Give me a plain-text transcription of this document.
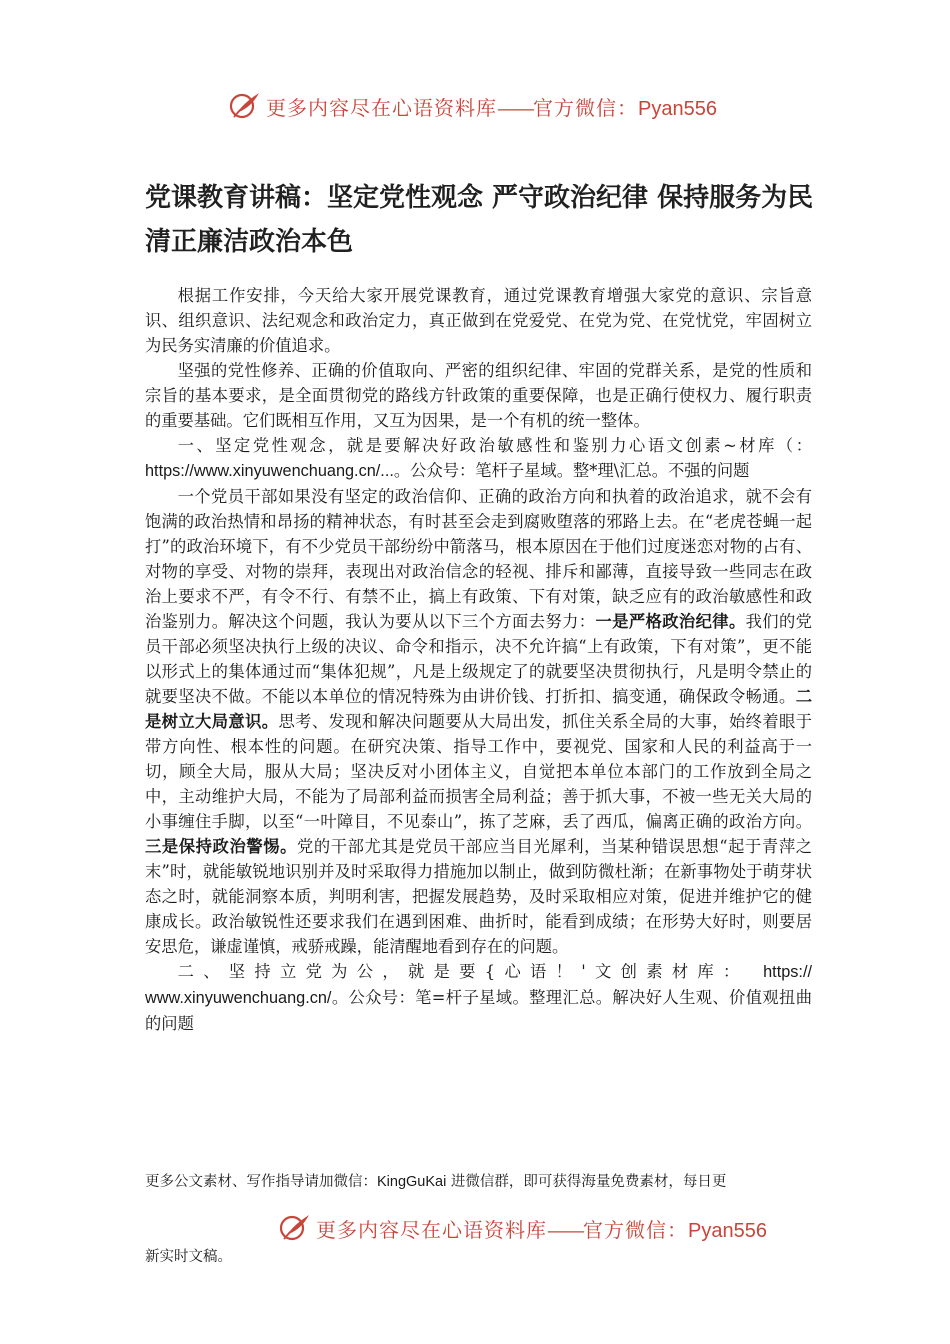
更多内容尽在心语资料库——官方微信：Pyan556
党课教育讲稿：坚定党性观念 严守政治纪律 保持服务为民清正廉洁政治本色

根据工作安排，今天给大家开展党课教育，通过党课教育增强大家党的意识、宗旨意识、组织意识、法纪观念和政治定力，真正做到在党爱党、在党为党、在党忧党，牢固树立为民务实清廉的价值追求。

坚强的党性修养、正确的价值取向、严密的组织纪律、牢固的党群关系，是党的性质和宗旨的基本要求，是全面贯彻党的路线方针政策的重要保障，也是正确行使权力、履行职责的重要基础。它们既相互作用，又互为因果，是一个有机的统一整体。

一、坚定党性观念，就是要解决好政治敏感性和鉴别力心语文创素~材库（：https://www.xinyuwenchuang.cn/...。公众号：笔杆子星域。整*理\汇总。不强的问题

一个党员干部如果没有坚定的政治信仰、正确的政治方向和执着的政治追求，就不会有饱满的政治热情和昂扬的精神状态，有时甚至会走到腐败堕落的邪路上去。在“老虎苍蝇一起打”的政治环境下，有不少党员干部纷纷中箭落马，根本原因在于他们过度迷恋对物的占有、对物的享受、对物的崇拜，表现出对政治信念的轻视、排斥和鄙薄，直接导致一些同志在政治上要求不严，有令不行、有禁不止，搞上有政策、下有对策，缺乏应有的政治敏感性和政治鉴别力。解决这个问题，我认为要从以下三个方面去努力：一是严格政治纪律。我们的党员干部必须坚决执行上级的决议、命令和指示，决不允许搞“上有政策，下有对策”，更不能以形式上的集体通过而“集体犯规”，凡是上级规定了的就要坚决贯彻执行，凡是明令禁止的就要坚决不做。不能以本单位的情况特殊为由讲价钱、打折扣、搞变通，确保政令畅通。二是树立大局意识。思考、发现和解决问题要从大局出发，抓住关系全局的大事，始终着眼于带方向性、根本性的问题。在研究决策、指导工作中，要视党、国家和人民的利益高于一切，顾全大局，服从大局；坚决反对小团体主义，自觉把本单位本部门的工作放到全局之中，主动维护大局，不能为了局部利益而损害全局利益；善于抓大事，不被一些无关大局的小事缠住手脚，以至“一叶障目，不见泰山”，拣了芝麻，丢了西瓜，偏离正确的政治方向。三是保持政治警惕。党的干部尤其是党员干部应当目光犀利，当某种错误思想“起于青萍之末”时，就能敏锐地识别并及时采取得力措施加以制止，做到防微杜渐；在新事物处于萌芽状态之时，就能洞察本质，判明利害，把握发展趋势，及时采取相应对策，促进并维护它的健康成长。政治敏锐性还要求我们在遇到困难、曲折时，能看到成绩；在形势大好时，则要居安思危，谦虚谨慎，戒骄戒躁，能清醒地看到存在的问题。

二、坚持立党为公，就是要{心语！'文创素材库： https://

www.xinyuwenchuang.cn/。公众号：笔=杆子星域。整理汇总。解决好人生观、价值观扭曲的问题

更多公文素材、写作指导请加微信：KingGuKai 进微信群，即可获得海量免费素材，每日更
更多内容尽在心语资料库——官方微信：Pyan556
新实时文稿。
